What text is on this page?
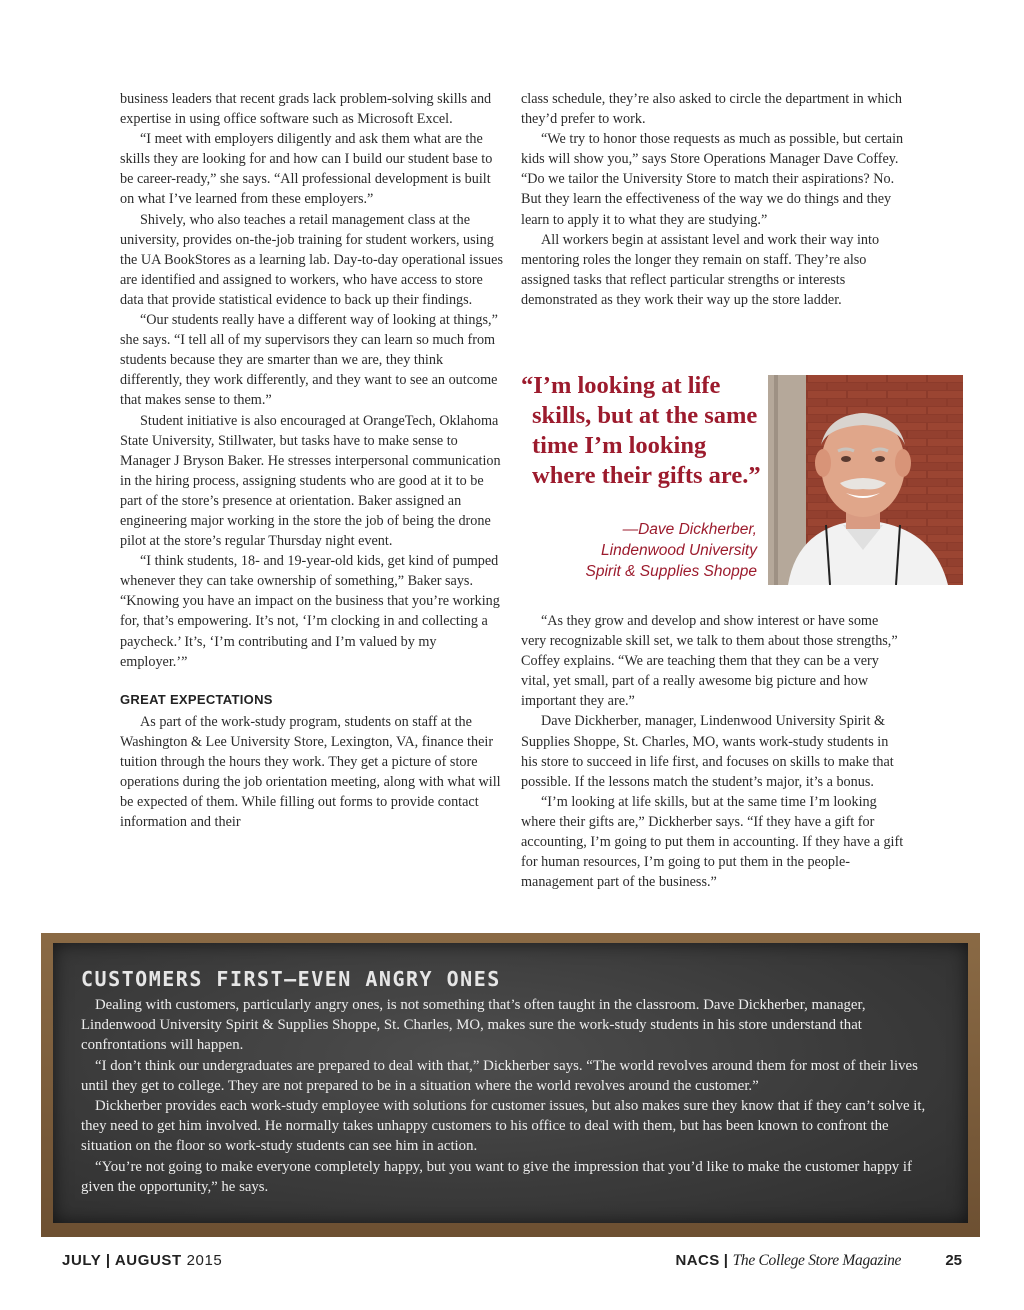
business leaders that recent grads lack problem-solving skills and expertise in using office software such as Microsoft Excel.

“I meet with employers diligently and ask them what are the skills they are looking for and how can I build our student base to be career-ready,” she says. “All professional development is built on what I’ve learned from these employers.”

Shively, who also teaches a retail management class at the university, provides on-the-job training for student workers, using the UA BookStores as a learning lab. Day-to-day operational issues are identified and assigned to workers, who have access to store data that provide statistical evidence to back up their findings.

“Our students really have a different way of looking at things,” she says. “I tell all of my supervisors they can learn so much from students because they are smarter than we are, they think differently, they work differently, and they want to see an outcome that makes sense to them.”

Student initiative is also encouraged at OrangeTech, Oklahoma State University, Stillwater, but tasks have to make sense to Manager J Bryson Baker. He stresses interpersonal communication in the hiring process, assigning students who are good at it to be part of the store’s presence at orientation. Baker assigned an engineering major working in the store the job of being the drone pilot at the store’s regular Thursday night event.

“I think students, 18- and 19-year-old kids, get kind of pumped whenever they can take ownership of something,” Baker says. “Knowing you have an impact on the business that you’re working for, that’s empowering. It’s not, ‘I’m clocking in and collecting a paycheck.’ It’s, ‘I’m contributing and I’m valued by my employer.’”

GREAT EXPECTATIONS

As part of the work-study program, students on staff at the Washington & Lee University Store, Lexington, VA, finance their tuition through the hours they work. They get a picture of store operations during the job orientation meeting, along with what will be expected of them. While filling out forms to provide contact information and their

class schedule, they’re also asked to circle the department in which they’d prefer to work.

“We try to honor those requests as much as possible, but certain kids will show you,” says Store Operations Manager Dave Coffey. “Do we tailor the University Store to match their aspirations? No. But they learn the effectiveness of the way we do things and they learn to apply it to what they are studying.”

All workers begin at assistant level and work their way into mentoring roles the longer they remain on staff. They’re also assigned tasks that reflect particular strengths or interests demonstrated as they work their way up the store ladder.

“I’m looking at life skills, but at the same time I’m looking where their gifts are.”
—Dave Dickherber,
Lindenwood University
Spirit & Supplies Shoppe

“As they grow and develop and show interest or have some very recognizable skill set, we talk to them about those strengths,” Coffey explains. “We are teaching them that they can be a very vital, yet small, part of a really awesome big picture and how important they are.”

Dave Dickherber, manager, Lindenwood University Spirit & Supplies Shoppe, St. Charles, MO, wants work-study students in his store to succeed in life first, and focuses on skills to make that possible. If the lessons match the student’s major, it’s a bonus.

“I’m looking at life skills, but at the same time I’m looking where their gifts are,” Dickherber says. “If they have a gift for accounting, I’m going to put them in accounting. If they have a gift for human resources, I’m going to put them in the people-management part of the business.”

CUSTOMERS FIRST—EVEN ANGRY ONES

Dealing with customers, particularly angry ones, is not something that’s often taught in the classroom. Dave Dickherber, manager, Lindenwood University Spirit & Supplies Shoppe, St. Charles, MO, makes sure the work-study students in his store understand that confrontations will happen.

“I don’t think our undergraduates are prepared to deal with that,” Dickherber says. “The world revolves around them for most of their lives until they get to college. They are not prepared to be in a situation where the world revolves around the customer.”

Dickherber provides each work-study employee with solutions for customer issues, but also makes sure they know that if they can’t solve it, they need to get him involved. He normally takes unhappy customers to his office to deal with them, but has been known to confront the situation on the floor so work-study students can see him in action.

“You’re not going to make everyone completely happy, but you want to give the impression that you’d like to make the customer happy if given the opportunity,” he says.

JULY | AUGUST 2015	NACS | The College Store Magazine	25
